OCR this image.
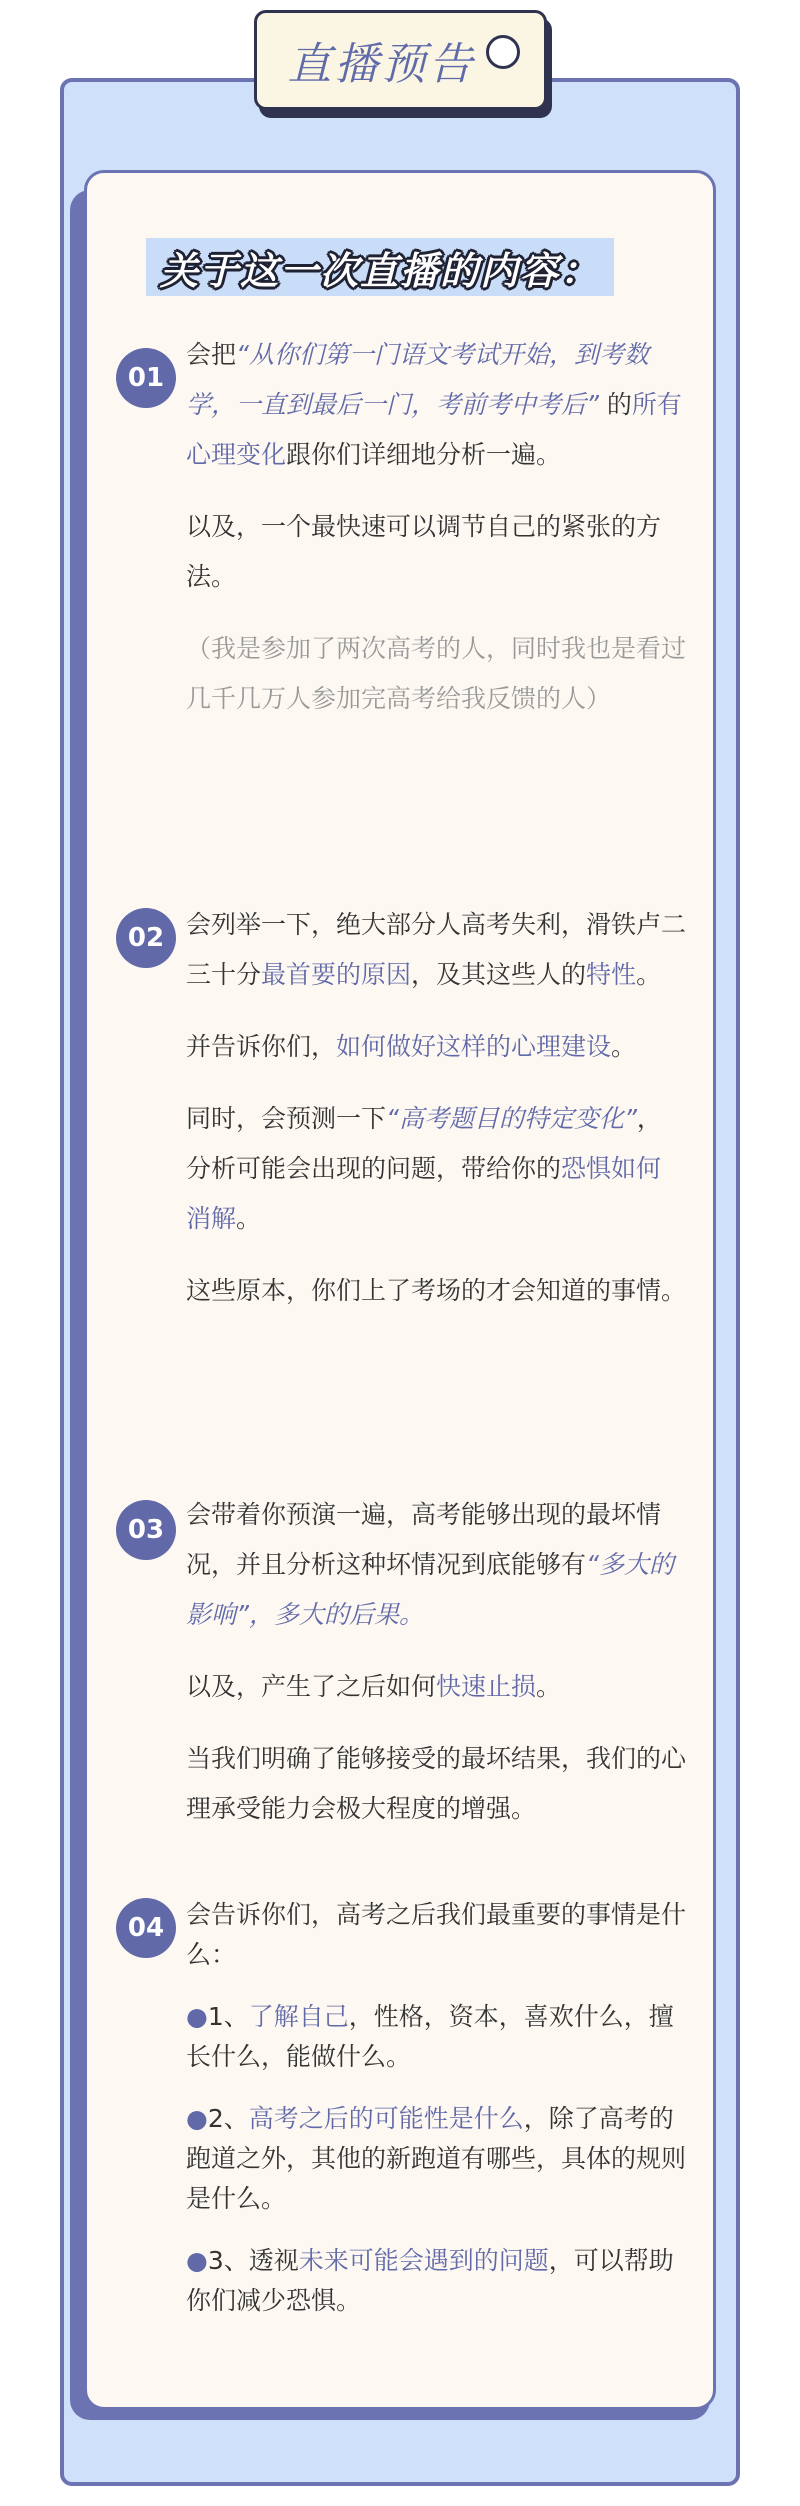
直播预告
关于这一次直播的内容：
01

会把“从你们第一门语文考试开始，到考数学，一直到最后一门，考前考中考后” 的所有心理变化跟你们详细地分析一遍。

以及，一个最快速可以调节自己的紧张的方法。

（我是参加了两次高考的人，同时我也是看过几千几万人参加完高考给我反馈的人）

02 会列举一下，绝大部分人高考失利，滑铁卢二三十分最首要的原因，及其这些人的特性。

并告诉你们，如何做好这样的心理建设。

同时，会预测一下“高考题目的特定变化”，分析可能会出现的问题，带给你的恐惧如何消解。

这些原本，你们上了考场的才会知道的事情。

03

会带着你预演一遍，高考能够出现的最坏情况，并且分析这种坏情况到底能够有“多大的影响”，多大的后果。

以及，产生了之后如何快速止损。

当我们明确了能够接受的最坏结果，我们的心理承受能力会极大程度的增强。

04 会告诉你们，高考之后我们最重要的事情是什么：

●1、了解自己，性格，资本，喜欢什么，擅长什么，能做什么。

●2、高考之后的可能性是什么，除了高考的跑道之外，其他的新跑道有哪些，具体的规则是什么。

●3、透视未来可能会遇到的问题，可以帮助你们减少恐惧。
